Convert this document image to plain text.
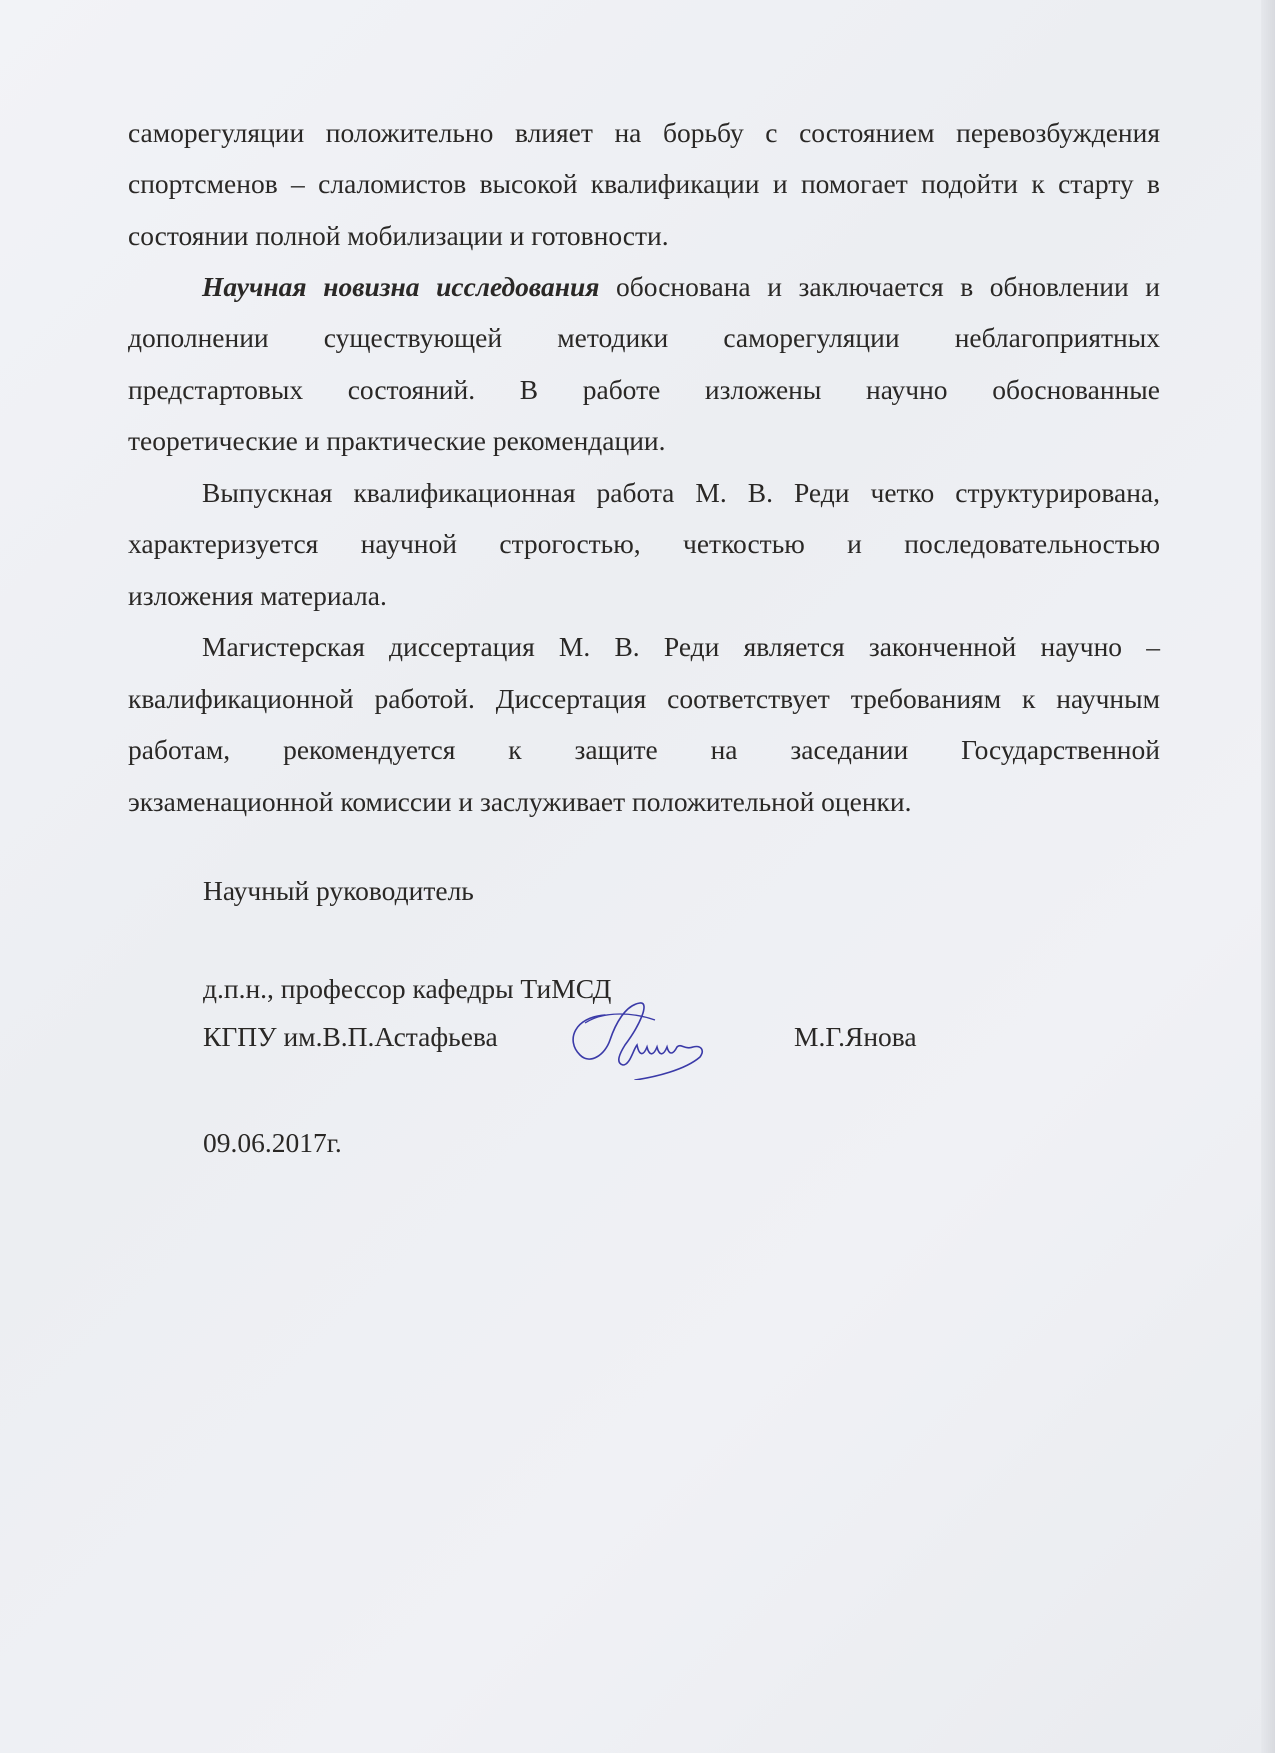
саморегуляции положительно влияет на борьбу с состоянием перевозбуждения
спортсменов – слаломистов высокой квалификации и помогает подойти к старту в
состоянии полной мобилизации и готовности.
Научная новизна исследования обоснована и заключается в обновлении и
дополнении существующей методики саморегуляции неблагоприятных
предстартовых состояний. В работе изложены научно обоснованные
теоретические и практические рекомендации.
Выпускная квалификационная работа М. В. Реди четко структурирована,
характеризуется научной строгостью, четкостью и последовательностью
изложения материала.
Магистерская диссертация М. В. Реди является законченной научно –
квалификационной работой. Диссертация соответствует требованиям к научным
работам, рекомендуется к защите на заседании Государственной
экзаменационной комиссии и заслуживает положительной оценки.
Научный руководитель
д.п.н., профессор кафедры ТиМСД
КГПУ им.В.П.Астафьева	М.Г.Янова
09.06.2017г.
